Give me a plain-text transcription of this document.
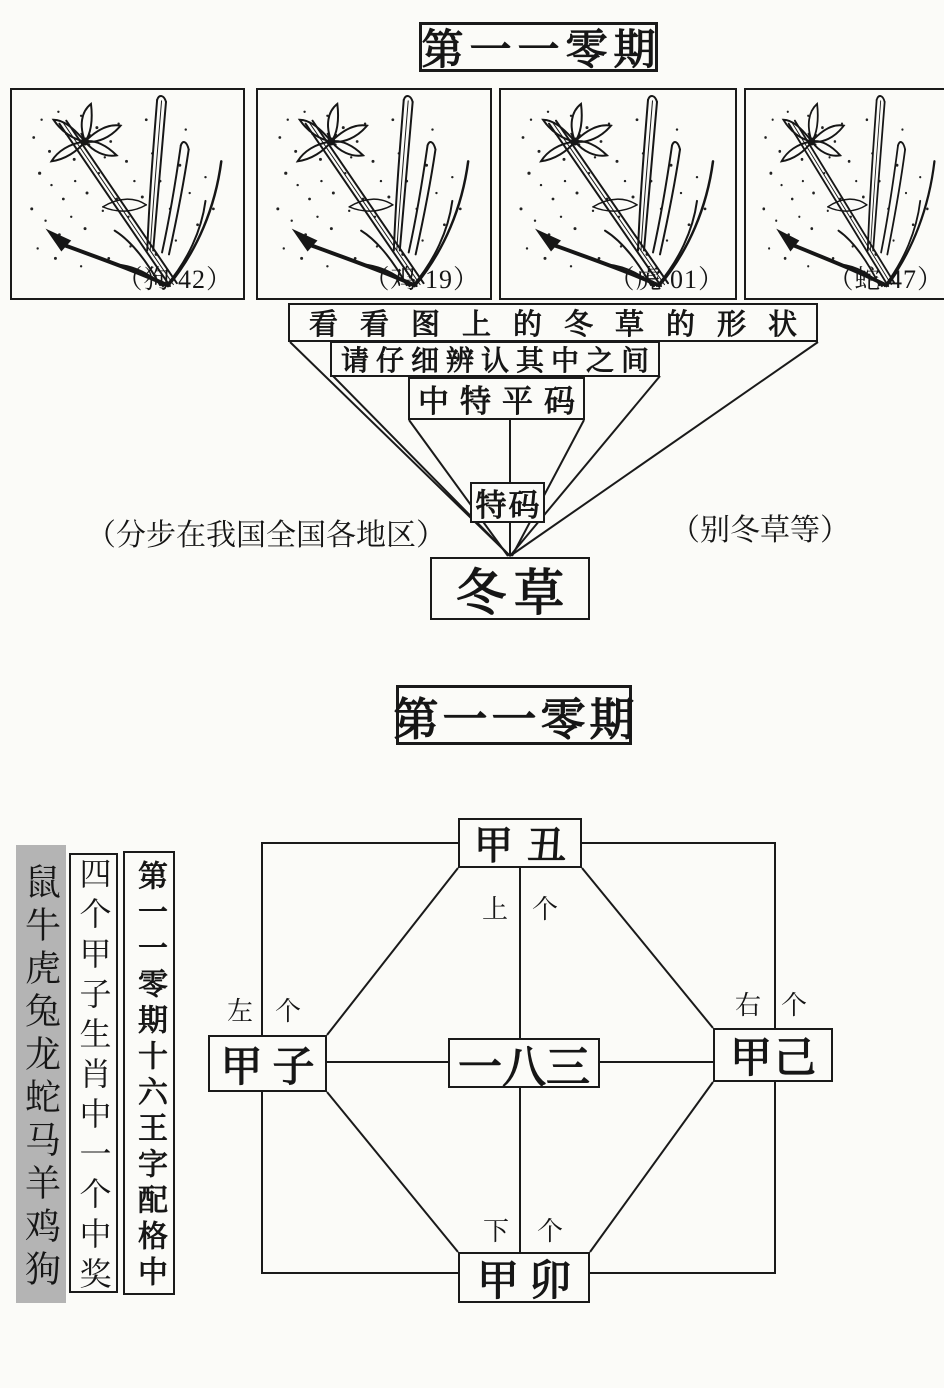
第一一零期
（狗 42）	（鸡 19）	（虎 01）	（蛇 47）
看看图上的冬草的形状
请仔细辨认其中之间
中特平码
特码
冬草
（分步在我国全国各地区）	（别冬草等）
第一一零期
甲丑
甲子	甲己
甲卯
一八三
上 个
左 个	右 个
下 个
鼠牛虎兔龙蛇马羊鸡狗 四个甲子生肖中一个中奖 第一一零期十六王字配格中
